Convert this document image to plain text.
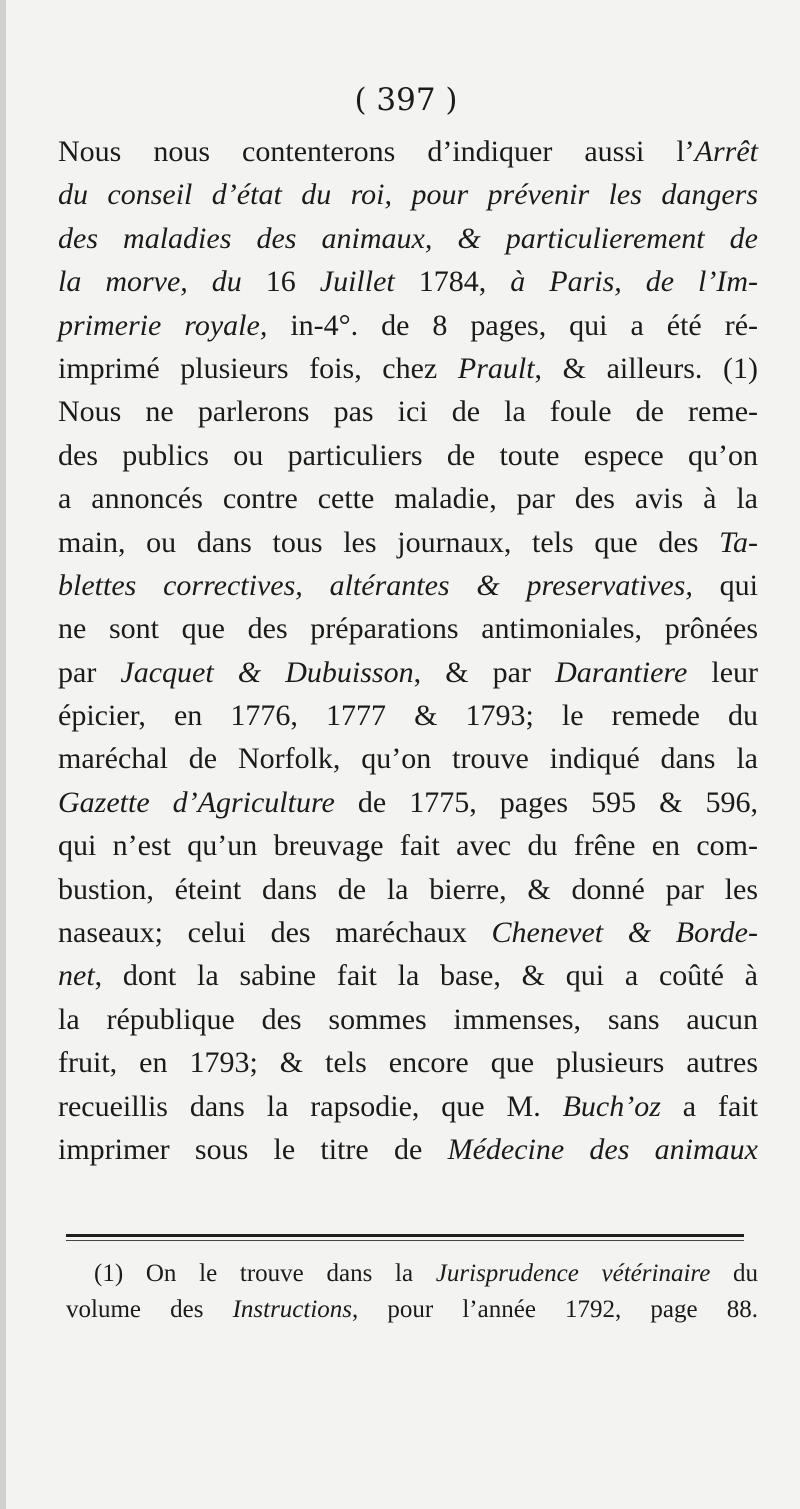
( 397 )
Nous nous contenterons d’indiquer aussi l’Arrêt
du conseil d’état du roi, pour prévenir les dangers
des maladies des animaux, & particulierement de
la morve, du 16 Juillet 1784, à Paris, de l’Im-
primerie royale, in-4°. de 8 pages, qui a été ré-
imprimé plusieurs fois, chez Prault, & ailleurs. (1)
Nous ne parlerons pas ici de la foule de reme-
des publics ou particuliers de toute espece qu’on
a annoncés contre cette maladie, par des avis à la
main, ou dans tous les journaux, tels que des Ta-
blettes correctives, altérantes & preservatives, qui
ne sont que des préparations antimoniales, prônées
par Jacquet & Dubuisson, & par Darantiere leur
épicier, en 1776, 1777 & 1793; le remede du
maréchal de Norfolk, qu’on trouve indiqué dans la
Gazette d’Agriculture de 1775, pages 595 & 596,
qui n’est qu’un breuvage fait avec du frêne en com-
bustion, éteint dans de la bierre, & donné par les
naseaux; celui des maréchaux Chenevet & Borde-
net, dont la sabine fait la base, & qui a coûté à
la république des sommes immenses, sans aucun
fruit, en 1793; & tels encore que plusieurs autres
recueillis dans la rapsodie, que M. Buch’oz a fait
imprimer sous le titre de Médecine des animaux
(1) On le trouve dans la Jurisprudence vétérinaire du
volume des Instructions, pour l’année 1792, page 88.
